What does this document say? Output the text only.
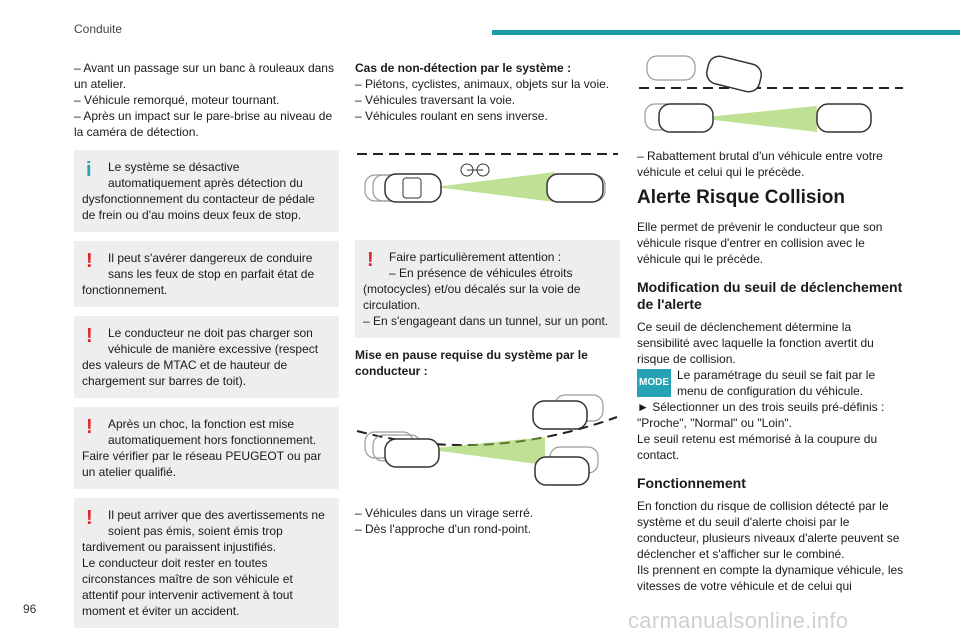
Conduite

– Avant un passage sur un banc à rouleaux dans un atelier.

– Véhicule remorqué, moteur tournant.

– Après un impact sur le pare-brise au niveau de la caméra de détection.

i	Le système se désactive

automatiquement après détection du dysfonctionnement du contacteur de pédale de frein ou d'au moins deux feux de stop.

!	Il peut s'avérer dangereux de conduire

sans les feux de stop en parfait état de fonctionnement.

!	Le conducteur ne doit pas charger son

véhicule de manière excessive (respect des valeurs de MTAC et de hauteur de chargement sur barres de toit).

!	Après un choc, la fonction est mise

automatiquement hors fonctionnement. Faire vérifier par le réseau PEUGEOT ou par un atelier qualifié.

!	Il peut arriver que des avertissements ne

soient pas émis, soient émis trop tardivement ou paraissent injustifiés.
Le conducteur doit rester en toutes circonstances maître de son véhicule et attentif pour intervenir activement à tout moment et éviter un accident.

Cas de non-détection par le système :

– Piétons, cyclistes, animaux, objets sur la voie.

– Véhicules traversant la voie.

– Véhicules roulant en sens inverse.

!	Faire particulièrement attention :

– En présence de véhicules étroits (motocycles) et/ou décalés sur la voie de circulation.
– En s'engageant dans un tunnel, sur un pont.

Mise en pause requise du système par le conducteur :

– Véhicules dans un virage serré.

– Dès l'approche d'un rond-point.

– Rabattement brutal d'un véhicule entre votre véhicule et celui qui le précède.

Alerte Risque Collision

Elle permet de prévenir le conducteur que son véhicule risque d'entrer en collision avec le véhicule qui le précède.

Modification du seuil de déclenchement de l'alerte

Ce seuil de déclenchement détermine la sensibilité avec laquelle la fonction avertit du risque de collision.

MODE

Le paramétrage du seuil se fait par le menu de configuration du véhicule.

► Sélectionner un des trois seuils pré-définis : "Proche", "Normal" ou "Loin".

Le seuil retenu est mémorisé à la coupure du contact.

Fonctionnement

En fonction du risque de collision détecté par le système et du seuil d'alerte choisi par le conducteur, plusieurs niveaux d'alerte peuvent se déclencher et s'afficher sur le combiné.

Ils prennent en compte la dynamique véhicule, les vitesses de votre véhicule et de celui qui

96	carmanualsonline.info
